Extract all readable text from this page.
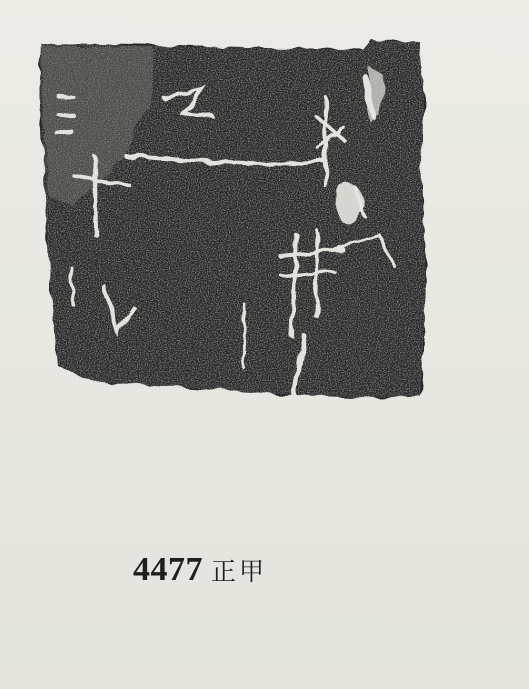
4477 正甲
